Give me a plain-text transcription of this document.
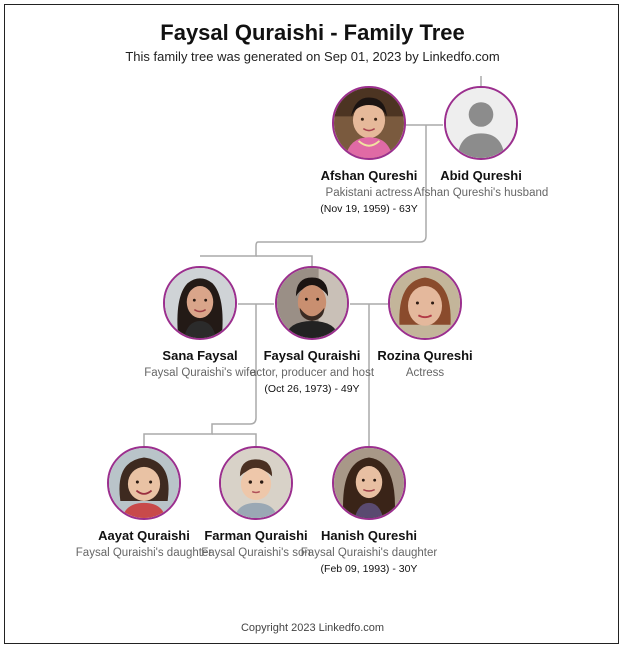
Faysal Quraishi - Family Tree
This family tree was generated on Sep 01, 2023 by Linkedfo.com
Afshan Qureshi
Pakistani actress
(Nov 19, 1959) - 63Y
Abid Qureshi
Afshan Qureshi's husband
Sana Faysal
Faysal Quraishi's wife
Faysal Quraishi
actor, producer and host
(Oct 26, 1973) - 49Y
Rozina Qureshi
Actress
Aayat Quraishi
Faysal Quraishi's daughter
Farman Quraishi
Faysal Quraishi's son
Hanish Qureshi
Faysal Quraishi's daughter
(Feb 09, 1993) - 30Y
Copyright 2023 Linkedfo.com
